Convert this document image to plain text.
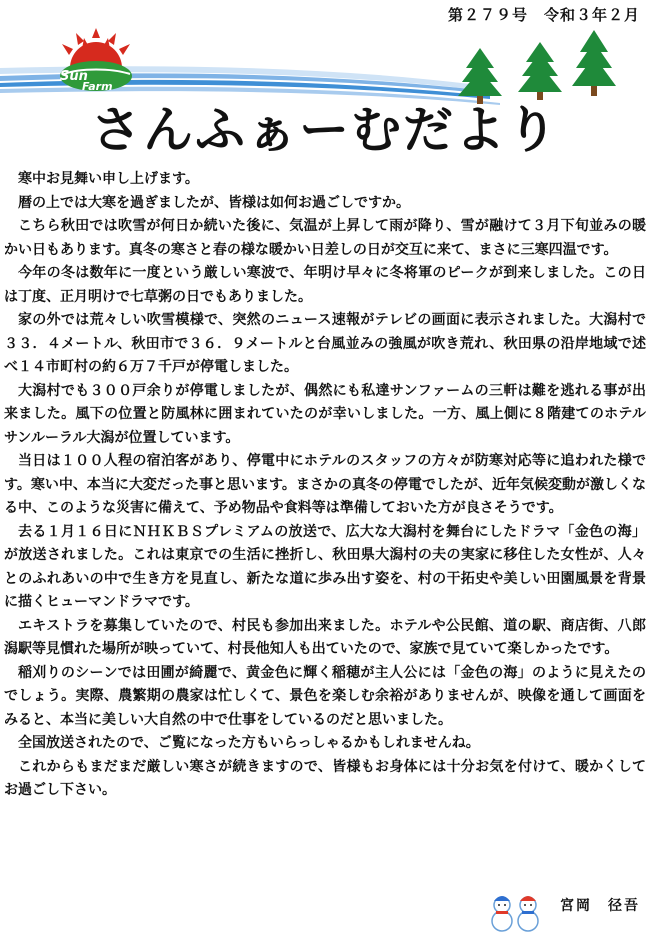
第２７９号　令和３年２月
Sun
Farm
さんふぁーむだより

寒中お見舞い申し上げます。

暦の上では大寒を過ぎましたが、皆様は如何お過ごしですか。

こちら秋田では吹雪が何日か続いた後に、気温が上昇して雨が降り、雪が融けて３月下旬並みの暖かい日もあります。真冬の寒さと春の様な暖かい日差しの日が交互に来て、まさに三寒四温です。

今年の冬は数年に一度という厳しい寒波で、年明け早々に冬将軍のピークが到来しました。この日は丁度、正月明けで七草粥の日でもありました。

家の外では荒々しい吹雪模様で、突然のニュース速報がテレビの画面に表示されました。大潟村で３３．４メートル、秋田市で３６．９メートルと台風並みの強風が吹き荒れ、秋田県の沿岸地域で述べ１４市町村の約６万７千戸が停電しました。

大潟村でも３００戸余りが停電しましたが、偶然にも私達サンファームの三軒は難を逃れる事が出来ました。風下の位置と防風林に囲まれていたのが幸いしました。一方、風上側に８階建てのホテルサンルーラル大潟が位置しています。

当日は１００人程の宿泊客があり、停電中にホテルのスタッフの方々が防寒対応等に追われた様です。寒い中、本当に大変だった事と思います。まさかの真冬の停電でしたが、近年気候変動が激しくなる中、このような災害に備えて、予め物品や食料等は準備しておいた方が良さそうです。

去る１月１６日にＮＨＫＢＳプレミアムの放送で、広大な大潟村を舞台にしたドラマ「金色の海」が放送されました。これは東京での生活に挫折し、秋田県大潟村の夫の実家に移住した女性が、人々とのふれあいの中で生き方を見直し、新たな道に歩み出す姿を、村の干拓史や美しい田園風景を背景に描くヒューマンドラマです。

エキストラを募集していたので、村民も参加出来ました。ホテルや公民館、道の駅、商店街、八郎潟駅等見慣れた場所が映っていて、村長他知人も出ていたので、家族で見ていて楽しかったです。

稲刈りのシーンでは田圃が綺麗で、黄金色に輝く稲穂が主人公には「金色の海」のように見えたのでしょう。実際、農繁期の農家は忙しくて、景色を楽しむ余裕がありませんが、映像を通して画面をみると、本当に美しい大自然の中で仕事をしているのだと思いました。

全国放送されたので、ご覧になった方もいらっしゃるかもしれませんね。

これからもまだまだ厳しい寒さが続きますので、皆様もお身体には十分お気を付けて、暖かくしてお過ごし下さい。

宮岡　径吾
